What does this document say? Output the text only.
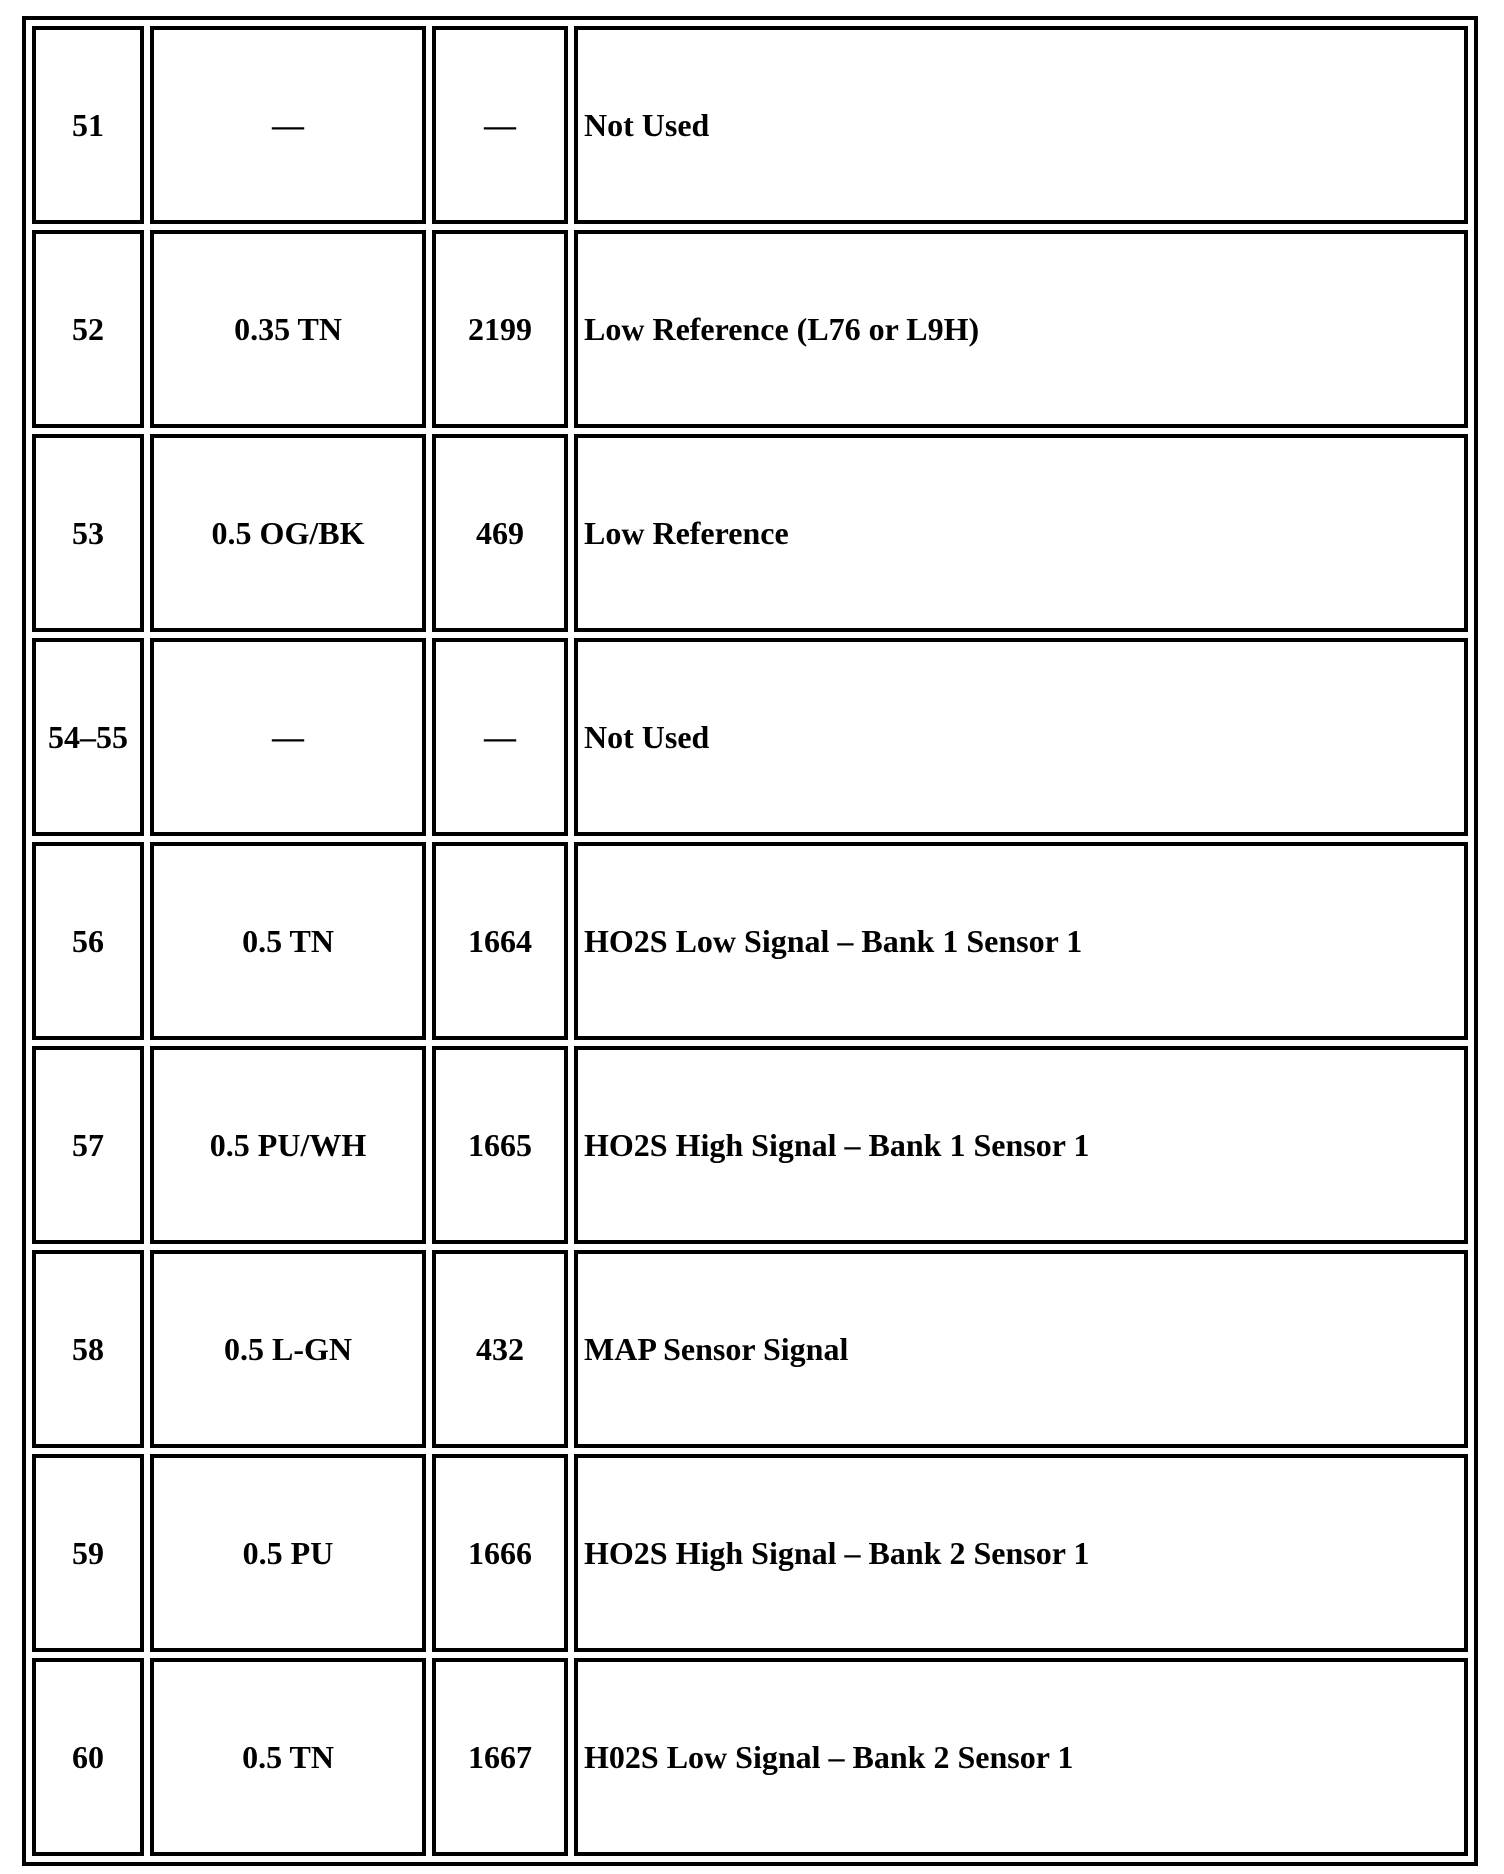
51	—	—	Not Used
52	0.35 TN	2199	Low Reference (L76 or L9H)
53	0.5 OG/BK	469	Low Reference
54–55	—	—	Not Used
56	0.5 TN	1664	HO2S Low Signal – Bank 1 Sensor 1
57	0.5 PU/WH	1665	HO2S High Signal – Bank 1 Sensor 1
58	0.5 L-GN	432	MAP Sensor Signal
59	0.5 PU	1666	HO2S High Signal – Bank 2 Sensor 1
60	0.5 TN	1667	H02S Low Signal – Bank 2 Sensor 1
